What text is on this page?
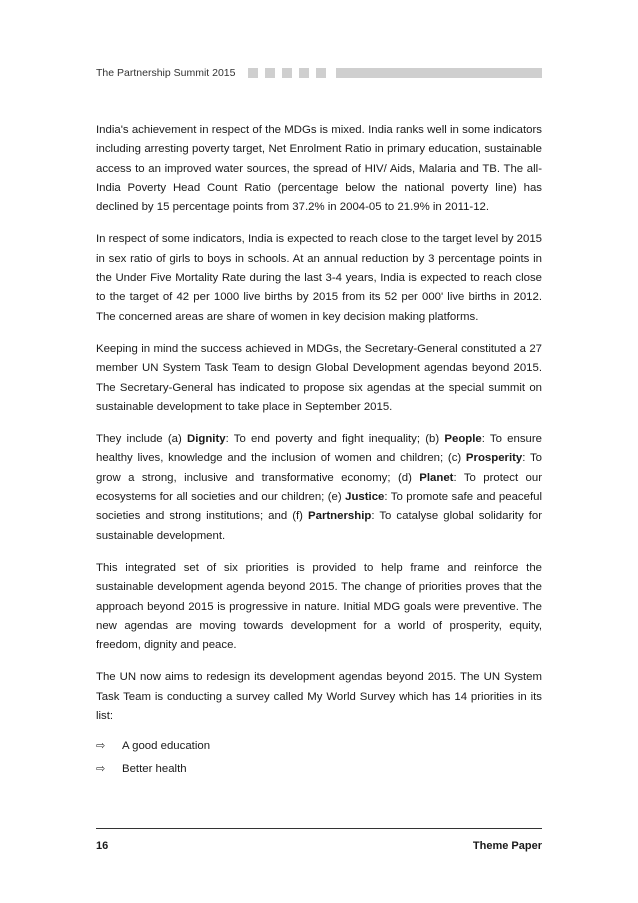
The Partnership Summit 2015

India's achievement in respect of the MDGs is mixed. India ranks well in some indicators including arresting poverty target, Net Enrolment Ratio in primary education, sustainable access to an improved water sources, the spread of HIV/ Aids, Malaria and TB. The all-India Poverty Head Count Ratio (percentage below the national poverty line) has declined by 15 percentage points from 37.2% in 2004-05 to 21.9% in 2011-12.

In respect of some indicators, India is expected to reach close to the target level by 2015 in sex ratio of girls to boys in schools. At an annual reduction by 3 percentage points in the Under Five Mortality Rate during the last 3-4 years, India is expected to reach close to the target of 42 per 1000 live births by 2015 from its 52 per 000' live births in 2012. The concerned areas are share of women in key decision making platforms.

Keeping in mind the success achieved in MDGs, the Secretary-General constituted a 27 member UN System Task Team to design Global Development agendas beyond 2015. The Secretary-General has indicated to propose six agendas at the special summit on sustainable development to take place in September 2015.

They include (a) Dignity: To end poverty and fight inequality; (b) People: To ensure healthy lives, knowledge and the inclusion of women and children; (c) Prosperity: To grow a strong, inclusive and transformative economy; (d) Planet: To protect our ecosystems for all societies and our children; (e) Justice: To promote safe and peaceful societies and strong institutions; and (f) Partnership: To catalyse global solidarity for sustainable development.

This integrated set of six priorities is provided to help frame and reinforce the sustainable development agenda beyond 2015. The change of priorities proves that the approach beyond 2015 is progressive in nature. Initial MDG goals were preventive. The new agendas are moving towards development for a world of prosperity, equity, freedom, dignity and peace.

The UN now aims to redesign its development agendas beyond 2015. The UN System Task Team is conducting a survey called My World Survey which has 14 priorities in its list:

⇨	A good education
⇨	Better health
16	Theme Paper
